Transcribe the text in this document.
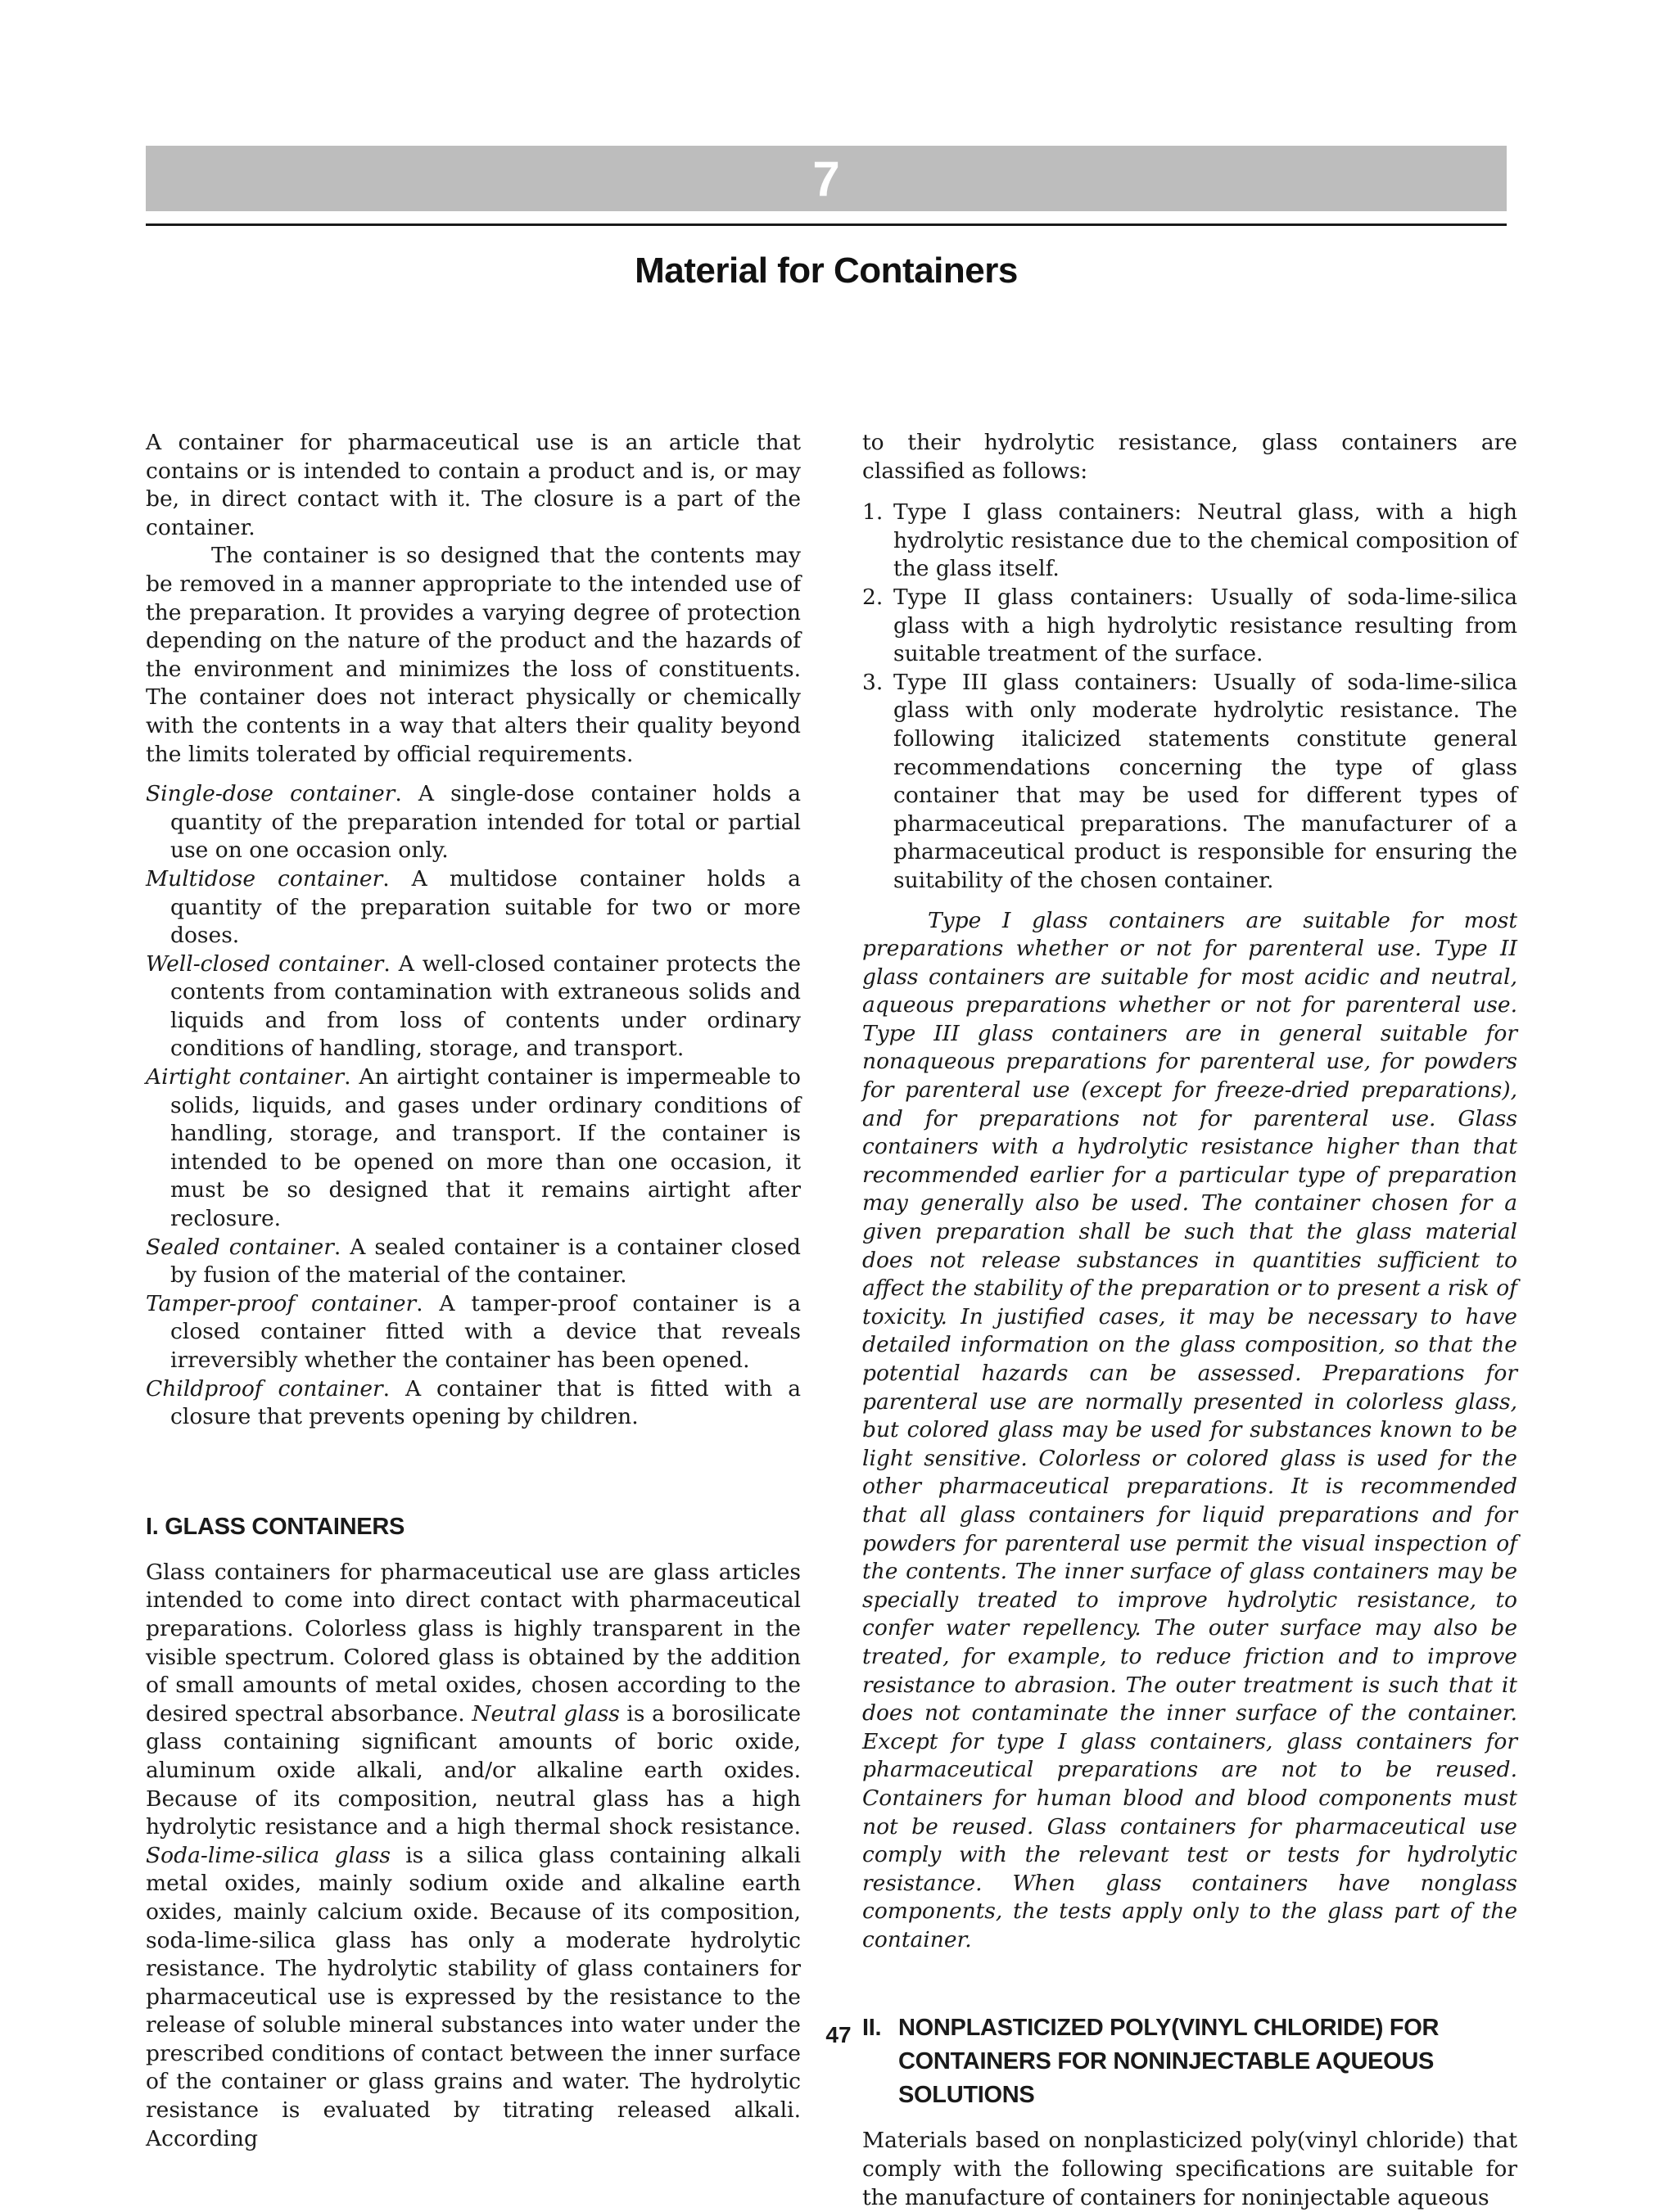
7
Material for Containers

A container for pharmaceutical use is an article that contains or is intended to contain a product and is, or may be, in direct contact with it. The closure is a part of the container.

The container is so designed that the contents may be removed in a manner appropriate to the intended use of the preparation. It provides a varying degree of protection depending on the nature of the product and the hazards of the environment and minimizes the loss of constituents. The container does not interact physically or chemically with the contents in a way that alters their quality beyond the limits tolerated by official requirements.

Single-dose container. A single-dose container holds a quantity of the preparation intended for total or partial use on one occasion only.
Multidose container. A multidose container holds a quantity of the preparation suitable for two or more doses.
Well-closed container. A well-closed container protects the contents from contamination with extraneous solids and liquids and from loss of contents under ordinary conditions of handling, storage, and transport.
Airtight container. An airtight container is impermeable to solids, liquids, and gases under ordinary conditions of handling, storage, and transport. If the container is intended to be opened on more than one occasion, it must be so designed that it remains airtight after reclosure.
Sealed container. A sealed container is a container closed by fusion of the material of the container.
Tamper-proof container. A tamper-proof container is a closed container fitted with a device that reveals irreversibly whether the container has been opened.
Childproof container. A container that is fitted with a closure that prevents opening by children.
I. GLASS CONTAINERS

Glass containers for pharmaceutical use are glass articles intended to come into direct contact with pharmaceutical preparations. Colorless glass is highly transparent in the visible spectrum. Colored glass is obtained by the addition of small amounts of metal oxides, chosen according to the desired spectral absorbance. Neutral glass is a borosilicate glass containing significant amounts of boric oxide, aluminum oxide alkali, and/or alkaline earth oxides. Because of its composition, neutral glass has a high hydrolytic resistance and a high thermal shock resistance. Soda-lime-silica glass is a silica glass containing alkali metal oxides, mainly sodium oxide and alkaline earth oxides, mainly calcium oxide. Because of its composition, soda-lime-silica glass has only a moderate hydrolytic resistance. The hydrolytic stability of glass containers for pharmaceutical use is expressed by the resistance to the release of soluble mineral substances into water under the prescribed conditions of contact between the inner surface of the container or glass grains and water. The hydrolytic resistance is evaluated by titrating released alkali. According

to their hydrolytic resistance, glass containers are classified as follows:

1. Type I glass containers: Neutral glass, with a high hydrolytic resistance due to the chemical composition of the glass itself.
2. Type II glass containers: Usually of soda-lime-silica glass with a high hydrolytic resistance resulting from suitable treatment of the surface.
3. Type III glass containers: Usually of soda-lime-silica glass with only moderate hydrolytic resistance. The following italicized statements constitute general recommendations concerning the type of glass container that may be used for different types of pharmaceutical preparations. The manufacturer of a pharmaceutical product is responsible for ensuring the suitability of the chosen container.

Type I glass containers are suitable for most preparations whether or not for parenteral use. Type II glass containers are suitable for most acidic and neutral, aqueous preparations whether or not for parenteral use. Type III glass containers are in general suitable for nonaqueous preparations for parenteral use, for powders for parenteral use (except for freeze-dried preparations), and for preparations not for parenteral use. Glass containers with a hydrolytic resistance higher than that recommended earlier for a particular type of preparation may generally also be used. The container chosen for a given preparation shall be such that the glass material does not release substances in quantities sufficient to affect the stability of the preparation or to present a risk of toxicity. In justified cases, it may be necessary to have detailed information on the glass composition, so that the potential hazards can be assessed. Preparations for parenteral use are normally presented in colorless glass, but colored glass may be used for substances known to be light sensitive. Colorless or colored glass is used for the other pharmaceutical preparations. It is recommended that all glass containers for liquid preparations and for powders for parenteral use permit the visual inspection of the contents. The inner surface of glass containers may be specially treated to improve hydrolytic resistance, to confer water repellency. The outer surface may also be treated, for example, to reduce friction and to improve resistance to abrasion. The outer treatment is such that it does not contaminate the inner surface of the container. Except for type I glass containers, glass containers for pharmaceutical preparations are not to be reused. Containers for human blood and blood components must not be reused. Glass containers for pharmaceutical use comply with the relevant test or tests for hydrolytic resistance. When glass containers have nonglass components, the tests apply only to the glass part of the container.

II. NONPLASTICIZED POLY(VINYL CHLORIDE) FOR CONTAINERS FOR NONINJECTABLE AQUEOUS SOLUTIONS

Materials based on nonplasticized poly(vinyl chloride) that comply with the following specifications are suitable for the manufacture of containers for noninjectable aqueous

47
